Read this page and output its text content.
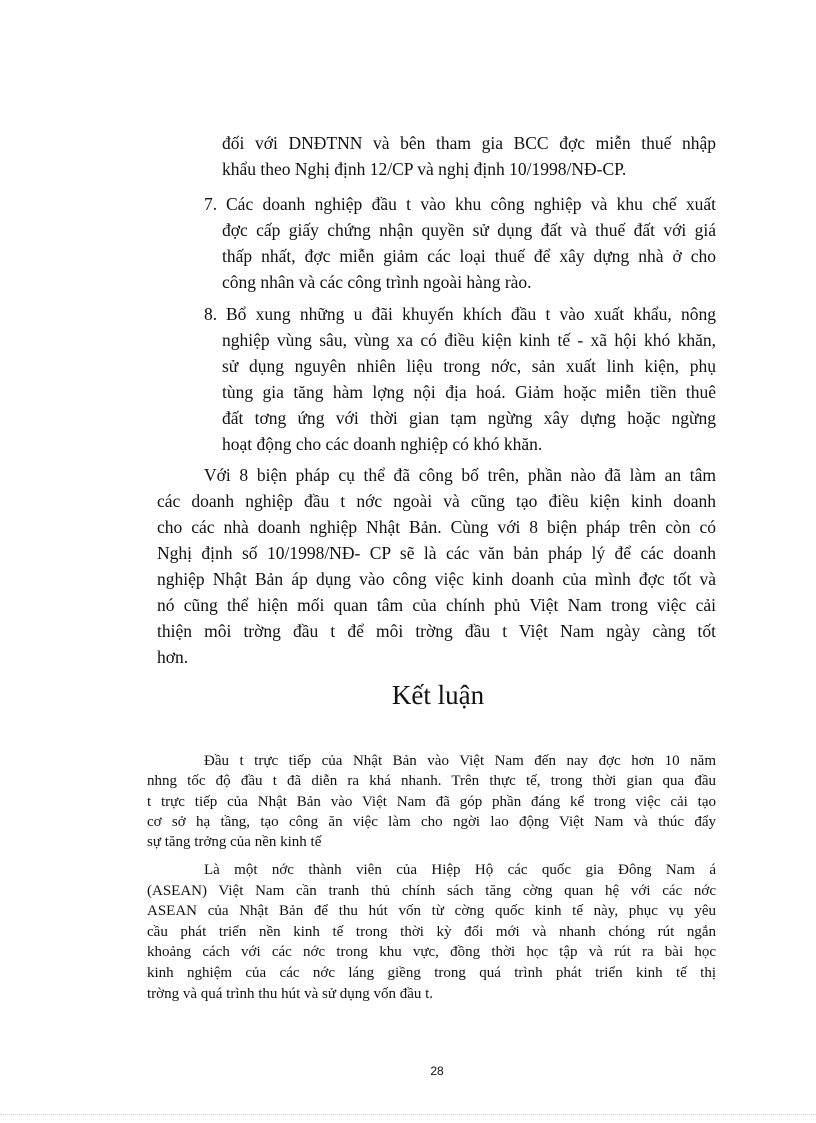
đối với DNĐTNN và bên tham gia BCC đợc miễn thuế nhập
khẩu theo Nghị định 12/CP và nghị định 10/1998/NĐ-CP.
7. Các doanh nghiệp đầu t vào khu công nghiệp và khu chế xuất
đợc cấp giấy chứng nhận quyền sử dụng đất và thuế đất với giá
thấp nhất, đợc miễn giảm các loại thuế để xây dựng nhà ở cho
công nhân và các công trình ngoài hàng rào.
8. Bổ xung những u đãi khuyến khích đầu t vào xuất khẩu, nông
nghiệp vùng sâu, vùng xa có điều kiện kinh tế - xã hội khó khăn,
sử dụng nguyên nhiên liệu trong nớc, sản xuất linh kiện, phụ
tùng gia tăng hàm lợng nội địa hoá. Giảm hoặc miễn tiền thuê
đất tơng ứng với thời gian tạm ngừng xây dựng hoặc ngừng
hoạt động cho các doanh nghiệp có khó khăn.
Với 8 biện pháp cụ thể đã công bố trên, phần nào đã làm an tâm
các doanh nghiệp đầu t nớc ngoài và cũng tạo điều kiện kinh doanh
cho các nhà doanh nghiệp Nhật Bản. Cùng với 8 biện pháp trên còn có
Nghị định số 10/1998/NĐ- CP sẽ là các văn bản pháp lý để các doanh
nghiệp Nhật Bản áp dụng vào công việc kinh doanh của mình đợc tốt và
nó cũng thể hiện mối quan tâm của chính phủ Việt Nam trong việc cải
thiện môi trờng đầu t để môi trờng đầu t Việt Nam ngày càng tốt
hơn.
Kết luận
Đầu t trực tiếp của Nhật Bản vào Việt Nam đến nay đợc hơn 10 năm
nhng tốc độ đầu t đã diễn ra khá nhanh. Trên thực tế, trong thời gian qua đầu
t trực tiếp của Nhật Bản vào Việt Nam đã góp phần đáng kể trong việc cải tạo
cơ sở hạ tầng, tạo công ăn việc làm cho ngời lao động Việt Nam và thúc đẩy
sự tăng trởng của nền kinh tế
Là một nớc thành viên của Hiệp Hộ các quốc gia Đông Nam á
(ASEAN) Việt Nam cần tranh thủ chính sách tăng cờng quan hệ với các nớc
ASEAN của Nhật Bản để thu hút vốn từ cờng quốc kinh tế này, phục vụ yêu
cầu phát triển nền kinh tế trong thời kỳ đổi mới và nhanh chóng rút ngắn
khoảng cách với các nớc trong khu vực, đồng thời học tập và rút ra bài học
kinh nghiệm của các nớc láng giềng trong quá trình phát triển kinh tế thị
trờng và quá trình thu hút và sử dụng vốn đầu t.
28
